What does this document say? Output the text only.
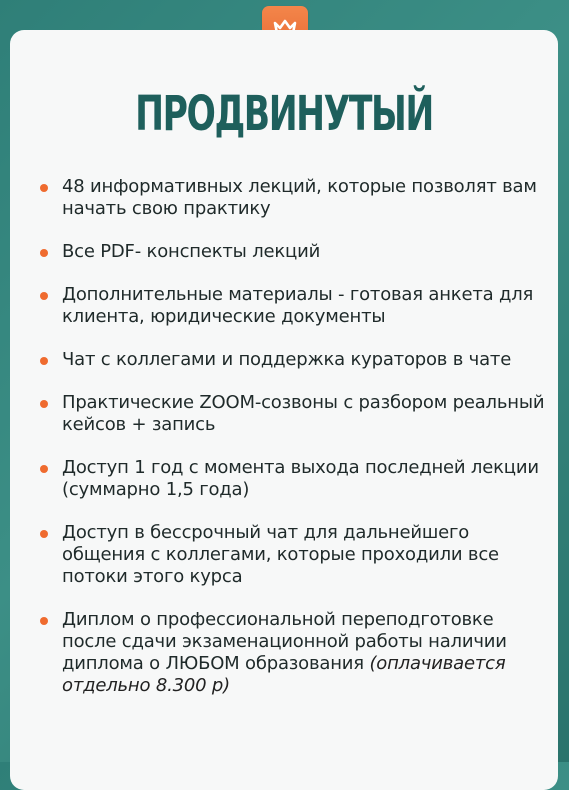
ПРОДВИНУТЫЙ
48 информативных лекций, которые позволят вам начать свою практику
Все PDF- конспекты лекций
Дополнительные материалы - готовая анкета для клиента, юридические документы
Чат с коллегами и поддержка кураторов в чате
Практические ZOOM-созвоны с разбором реальный кейсов + запись
Доступ 1 год с момента выхода последней лекции (суммарно 1,5 года)
Доступ в бессрочный чат для дальнейшего общения с коллегами, которые проходили все потоки этого курса
Диплом о профессиональной переподготовке после сдачи экзаменационной работы наличии диплома о ЛЮБОМ образования (оплачивается отдельно 8.300 р)
